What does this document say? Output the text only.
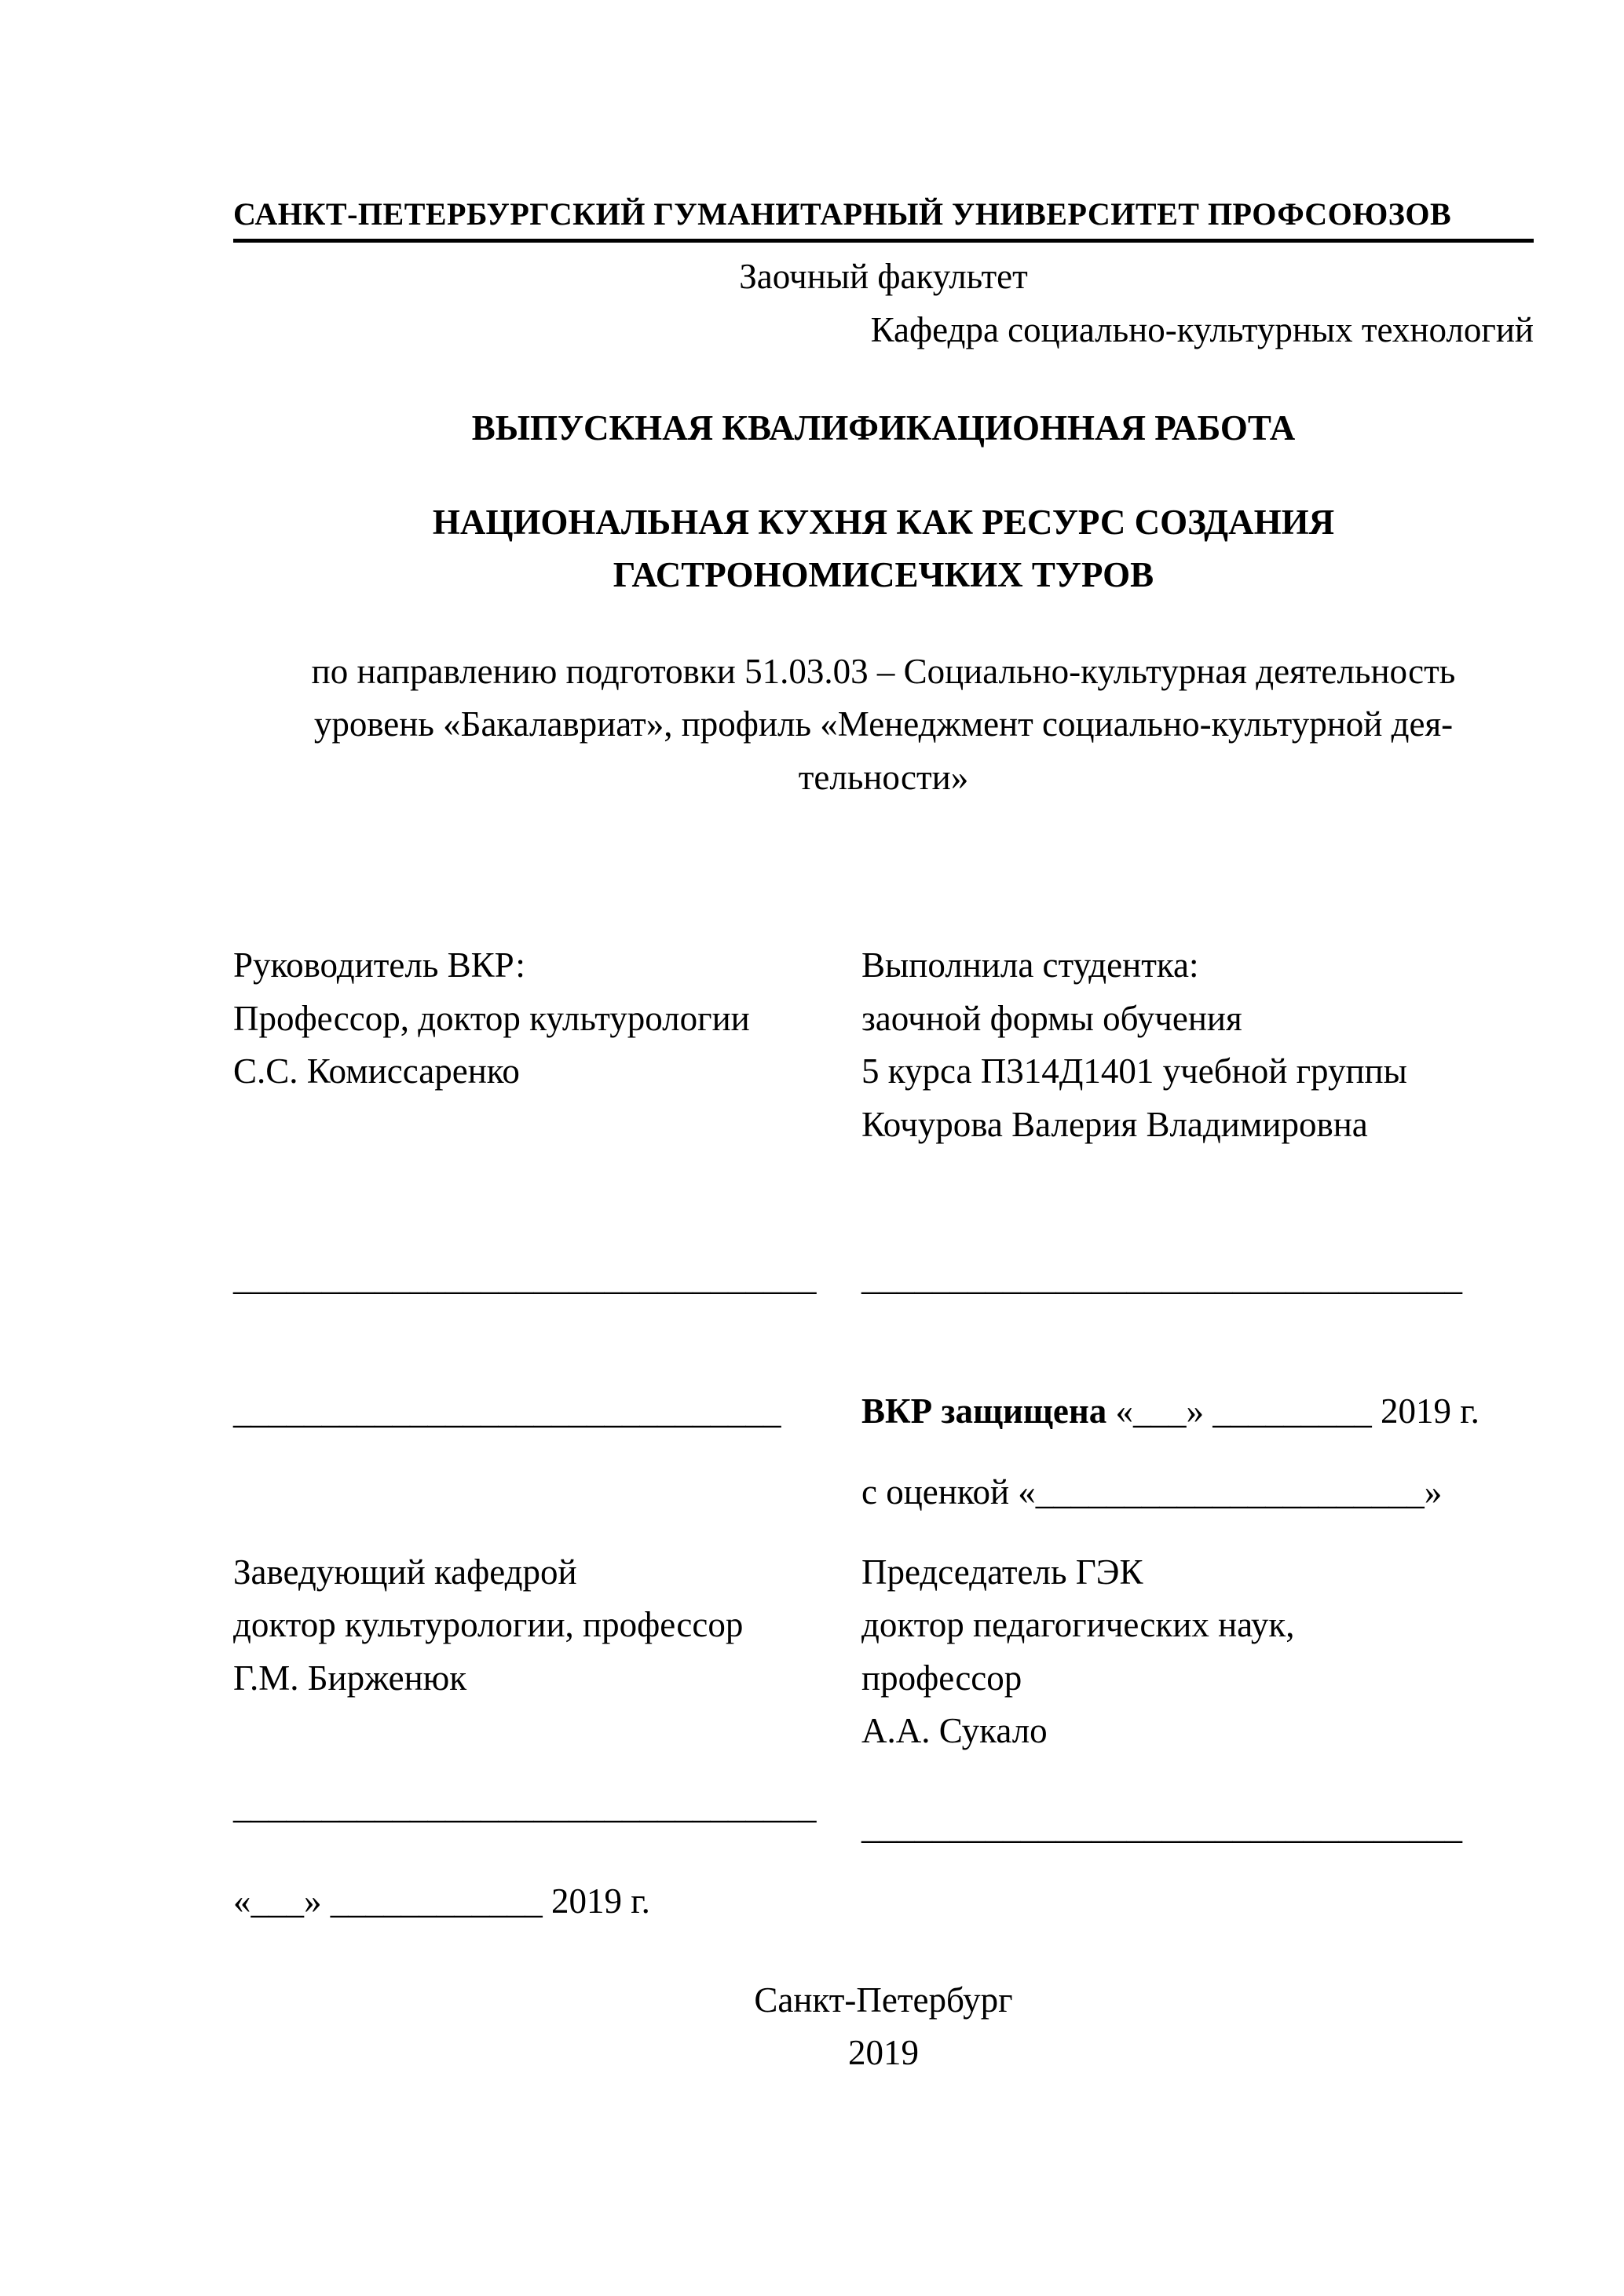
САНКТ-ПЕТЕРБУРГСКИЙ ГУМАНИТАРНЫЙ УНИВЕРСИТЕТ ПРОФСОЮЗОВ
Заочный факультет
Кафедра социально-культурных технологий
ВЫПУСКНАЯ КВАЛИФИКАЦИОННАЯ РАБОТА
НАЦИОНАЛЬНАЯ КУХНЯ КАК РЕСУРС СОЗДАНИЯ
ГАСТРОНОМИСЕЧКИХ ТУРОВ
по направлению подготовки 51.03.03 – Социально-культурная деятельность
уровень «Бакалавриат», профиль «Менеджмент социально-культурной дея-
тельности»
Руководитель ВКР:
Профессор, доктор культурологии
С.С. Комиссаренко
Выполнила студентка:
заочной формы обучения
5 курса П314Д1401 учебной группы
Кочурова Валерия Владимировна
_________________________________	__________________________________
_______________________________	ВКР защищена «___» _________ 2019 г.
с оценкой «______________________»
Заведующий кафедрой
доктор культурологии, профессор
Г.М. Бирженюк
Председатель ГЭК
доктор педагогических наук,
профессор
А.А. Сукало
_________________________________
__________________________________
«___» ____________ 2019 г.
Санкт-Петербург
2019
